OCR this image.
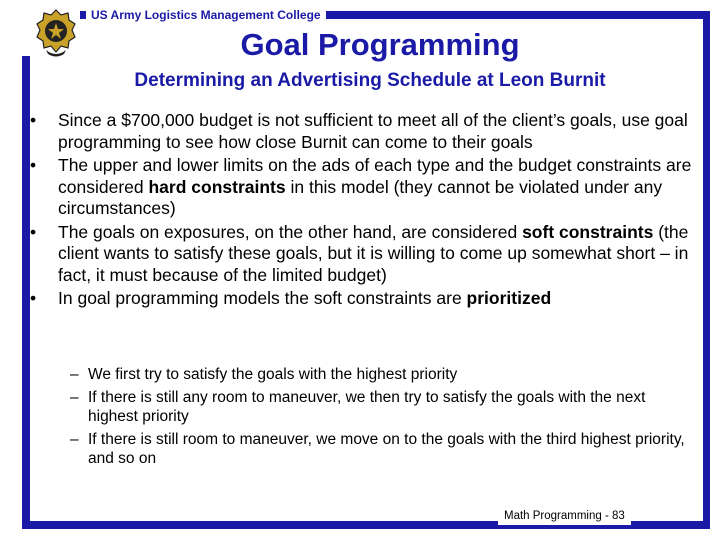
US Army Logistics Management College
Goal Programming
Determining an Advertising Schedule at Leon Burnit
• Since a $700,000 budget is not sufficient to meet all of the client’s goals, use goal programming to see how close Burnit can come to their goals
• The upper and lower limits on the ads of each type and the budget constraints are considered hard constraints in this model (they cannot be violated under any circumstances)
• The goals on exposures, on the other hand, are considered soft constraints (the client wants to satisfy these goals, but it is willing to come up somewhat short – in fact, it must because of the limited budget)
• In goal programming models the soft constraints are prioritized
– We first try to satisfy the goals with the highest priority
– If there is still any room to maneuver, we then try to satisfy the goals with the next highest priority
– If there is still room to maneuver, we move on to the goals with the third highest priority, and so on
Math Programming - 83
